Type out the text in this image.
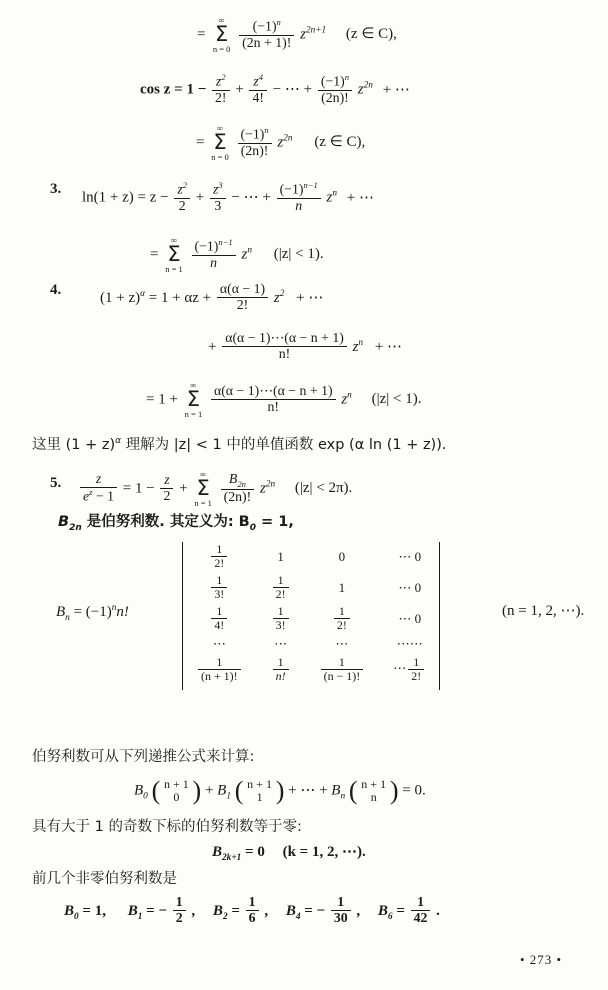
=
∞
Σ
n = 0
$\frac{(-1)^n}{(2n + 1)!} z^{2n+1}$ (z ∈ C),
$\cos z = 1 - \frac{z^2}{2!} + \frac{z^4}{4!}$ − ⋯ + $\frac{(-1)^n}{(2n)!} z^{2n}$ + ⋯
=
∞
Σ
n = 0
$\frac{(-1)^n}{(2n)!} z^{2n}$ (z ∈ C),
3.
$\ln(1 + z) = z - \frac{z^2}{2} + \frac{z^3}{3}$ − ⋯ + $\frac{(-1)^{n-1}}{n} z^n$ + ⋯
=
∞
Σ
n = 1
$\frac{(-1)^{n-1}}{n} z^n$ (|z| < 1).
4.	$(1 + z)^\alpha = 1 + \alpha z + \frac{\alpha(\alpha - 1)}{2!} z^2$ + ⋯
+ $\frac{\alpha(\alpha - 1)\cdots(\alpha - n + 1)}{n!} z^n$ + ⋯
= 1 +
∞
Σ
n = 1
$\frac{\alpha(\alpha - 1)\cdots(\alpha - n + 1)}{n!} z^n$ (|z| < 1).
这里 $(1 + z)^\alpha$ 理解为 |z| < 1 中的单值函数 exp (α ln (1 + z)).
5. $\frac{z}{e^z - 1} = 1 - \frac{z}{2}$ +
∞
Σ
n = 1
$\frac{B_{2n}}{(2n)!} z^{2n}$ (|z| < 2π).
$B_{2n}$ 是伯努利数. 其定义为: $B_0 = 1$,
$B_n = (-1)^nn$!
$\frac{1}{2!}$	1	0	⋯ 0

$\frac{1}{3!}$	$\frac{1}{2!}$	1	⋯ 0

$\frac{1}{4!}$	$\frac{1}{3!}$	$\frac{1}{2!}$	⋯ 0
⋯	⋯	⋯	⋯⋯

$\frac{1}{(n + 1)!}$	$\frac{1}{n!}$	$\frac{1}{(n - 1)!}$	⋯ $\frac{1}{2!}$
(n = 1, 2, ⋯).
伯努利数可从下列递推公式来计算:
$B_0$ ( n + 1
0 ) + $B_1$ ( n + 1
1 ) + ⋯ + $B_n$ ( n + 1
n ) = 0.
具有大于 1 的奇数下标的伯努利数等于零:
$B_{2k+1} = 0$ (k = 1, 2, ⋯).
前几个非零伯努利数是
$B_0 = 1$, $B_1$ = − $\frac{1}{2}$ , $B_2 = \frac{1}{6}$ , $B_4$ = − $\frac{1}{30}$ , $B_6 = \frac{1}{42}$ .
• 273 •
